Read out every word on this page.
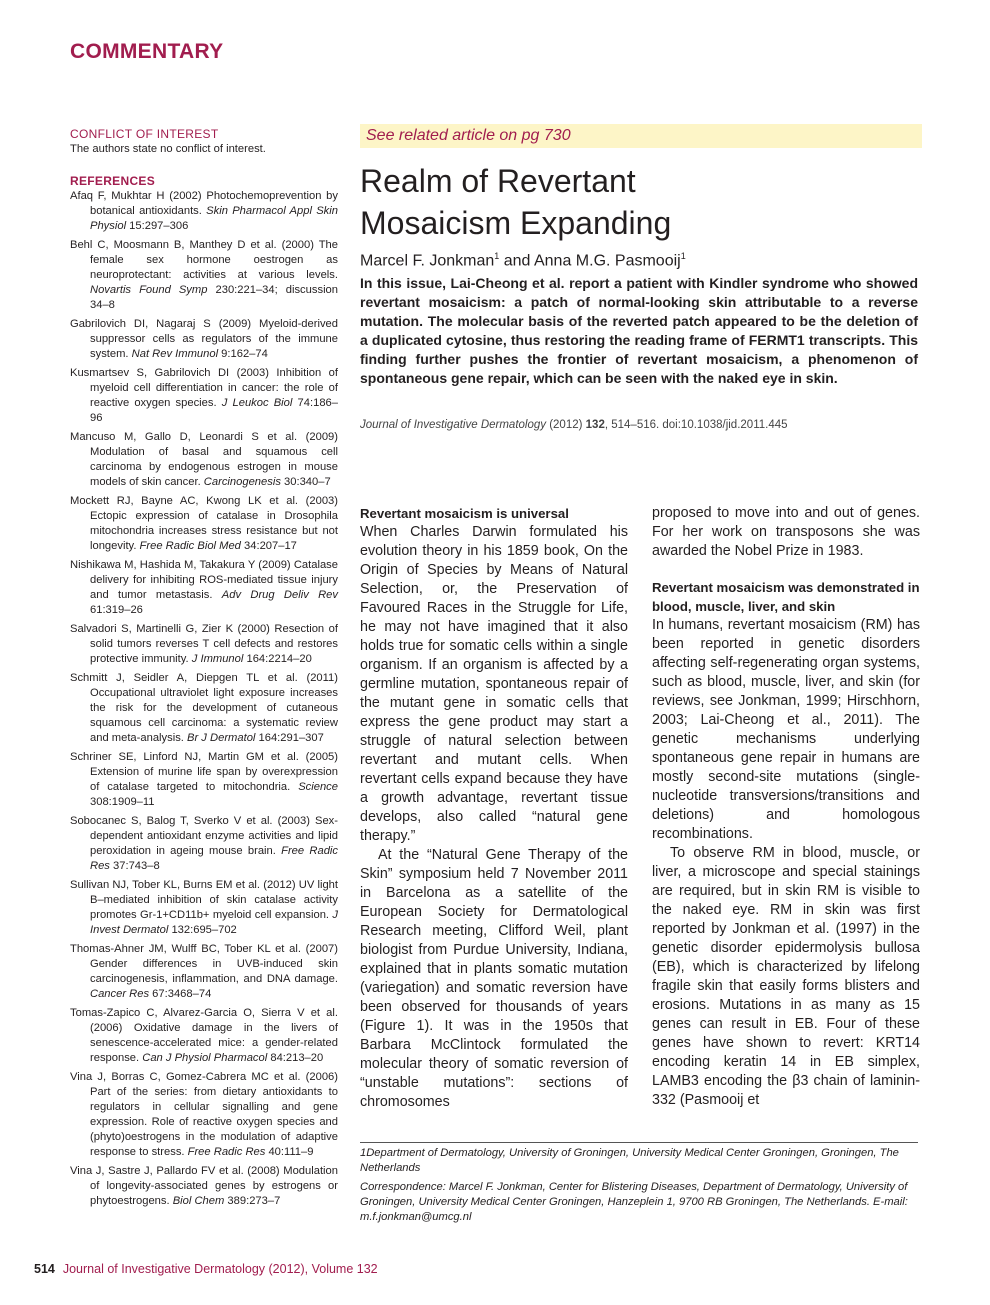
COMMENTARY

CONFLICT OF INTEREST

The authors state no conflict of interest.

REFERENCES

Afaq F, Mukhtar H (2002) Photochemoprevention by botanical antioxidants. Skin Pharmacol Appl Skin Physiol 15:297–306

Behl C, Moosmann B, Manthey D et al. (2000) The female sex hormone oestrogen as neuroprotectant: activities at various levels. Novartis Found Symp 230:221–34; discussion 34–8

Gabrilovich DI, Nagaraj S (2009) Myeloid-derived suppressor cells as regulators of the immune system. Nat Rev Immunol 9:162–74

Kusmartsev S, Gabrilovich DI (2003) Inhibition of myeloid cell differentiation in cancer: the role of reactive oxygen species. J Leukoc Biol 74:186–96

Mancuso M, Gallo D, Leonardi S et al. (2009) Modulation of basal and squamous cell carcinoma by endogenous estrogen in mouse models of skin cancer. Carcinogenesis 30:340–7

Mockett RJ, Bayne AC, Kwong LK et al. (2003) Ectopic expression of catalase in Drosophila mitochondria increases stress resistance but not longevity. Free Radic Biol Med 34:207–17

Nishikawa M, Hashida M, Takakura Y (2009) Catalase delivery for inhibiting ROS-mediated tissue injury and tumor metastasis. Adv Drug Deliv Rev 61:319–26

Salvadori S, Martinelli G, Zier K (2000) Resection of solid tumors reverses T cell defects and restores protective immunity. J Immunol 164:2214–20

Schmitt J, Seidler A, Diepgen TL et al. (2011) Occupational ultraviolet light exposure increases the risk for the development of cutaneous squamous cell carcinoma: a systematic review and meta-analysis. Br J Dermatol 164:291–307

Schriner SE, Linford NJ, Martin GM et al. (2005) Extension of murine life span by overexpression of catalase targeted to mitochondria. Science 308:1909–11

Sobocanec S, Balog T, Sverko V et al. (2003) Sex-dependent antioxidant enzyme activities and lipid peroxidation in ageing mouse brain. Free Radic Res 37:743–8

Sullivan NJ, Tober KL, Burns EM et al. (2012) UV light B–mediated inhibition of skin catalase activity promotes Gr-1+CD11b+ myeloid cell expansion. J Invest Dermatol 132:695–702

Thomas-Ahner JM, Wulff BC, Tober KL et al. (2007) Gender differences in UVB-induced skin carcinogenesis, inflammation, and DNA damage. Cancer Res 67:3468–74

Tomas-Zapico C, Alvarez-Garcia O, Sierra V et al. (2006) Oxidative damage in the livers of senescence-accelerated mice: a gender-related response. Can J Physiol Pharmacol 84:213–20

Vina J, Borras C, Gomez-Cabrera MC et al. (2006) Part of the series: from dietary antioxidants to regulators in cellular signalling and gene expression. Role of reactive oxygen species and (phyto)oestrogens in the modulation of adaptive response to stress. Free Radic Res 40:111–9

Vina J, Sastre J, Pallardo FV et al. (2008) Modulation of longevity-associated genes by estrogens or phytoestrogens. Biol Chem 389:273–7

See related article on pg 730
Realm of Revertant
Mosaicism Expanding
Marcel F. Jonkman$^1$ and Anna M.G. Pasmooij$^1$

In this issue, Lai-Cheong et al. report a patient with Kindler syndrome who showed revertant mosaicism: a patch of normal-looking skin attributable to a reverse mutation. The molecular basis of the reverted patch appeared to be the deletion of a duplicated cytosine, thus restoring the reading frame of FERMT1 transcripts. This finding further pushes the frontier of revertant mosaicism, a phenomenon of spontaneous gene repair, which can be seen with the naked eye in skin.

Journal of Investigative Dermatology (2012) 132, 514–516. doi:10.1038/jid.2011.445

Revertant mosaicism is universal

When Charles Darwin formulated his evolution theory in his 1859 book, On the Origin of Species by Means of Natural Selection, or, the Preservation of Favoured Races in the Struggle for Life, he may not have imagined that it also holds true for somatic cells within a single organism. If an organism is affected by a germline mutation, spontaneous repair of the mutant gene in somatic cells that express the gene product may start a struggle of natural selection between revertant and mutant cells. When revertant cells expand because they have a growth advantage, revertant tissue develops, also called “natural gene therapy.”

At the “Natural Gene Therapy of the Skin” symposium held 7 November 2011 in Barcelona as a satellite of the European Society for Dermatological Research meeting, Clifford Weil, plant biologist from Purdue University, Indiana, explained that in plants somatic mutation (variegation) and somatic reversion have been observed for thousands of years (Figure 1). It was in the 1950s that Barbara McClintock formulated the molecular theory of somatic reversion of “unstable mutations”: sections of chromosomes

proposed to move into and out of genes. For her work on transposons she was awarded the Nobel Prize in 1983.

Revertant mosaicism was demonstrated in blood, muscle, liver, and skin

In humans, revertant mosaicism (RM) has been reported in genetic disorders affecting self-regenerating organ systems, such as blood, muscle, liver, and skin (for reviews, see Jonkman, 1999; Hirschhorn, 2003; Lai-Cheong et al., 2011). The genetic mechanisms underlying spontaneous gene repair in humans are mostly second-site mutations (single-nucleotide transversions/transitions and deletions) and homologous recombinations.

To observe RM in blood, muscle, or liver, a microscope and special stainings are required, but in skin RM is visible to the naked eye. RM in skin was first reported by Jonkman et al. (1997) in the genetic disorder epidermolysis bullosa (EB), which is characterized by lifelong fragile skin that easily forms blisters and erosions. Mutations in as many as 15 genes can result in EB. Four of these genes have shown to revert: KRT14 encoding keratin 14 in EB simplex, LAMB3 encoding the β3 chain of laminin-332 (Pasmooij et

1Department of Dermatology, University of Groningen, University Medical Center Groningen, Groningen, The Netherlands

Correspondence: Marcel F. Jonkman, Center for Blistering Diseases, Department of Dermatology, University of Groningen, University Medical Center Groningen, Hanzeplein 1, 9700 RB Groningen, The Netherlands. E-mail: m.f.jonkman@umcg.nl

514 Journal of Investigative Dermatology (2012), Volume 132
